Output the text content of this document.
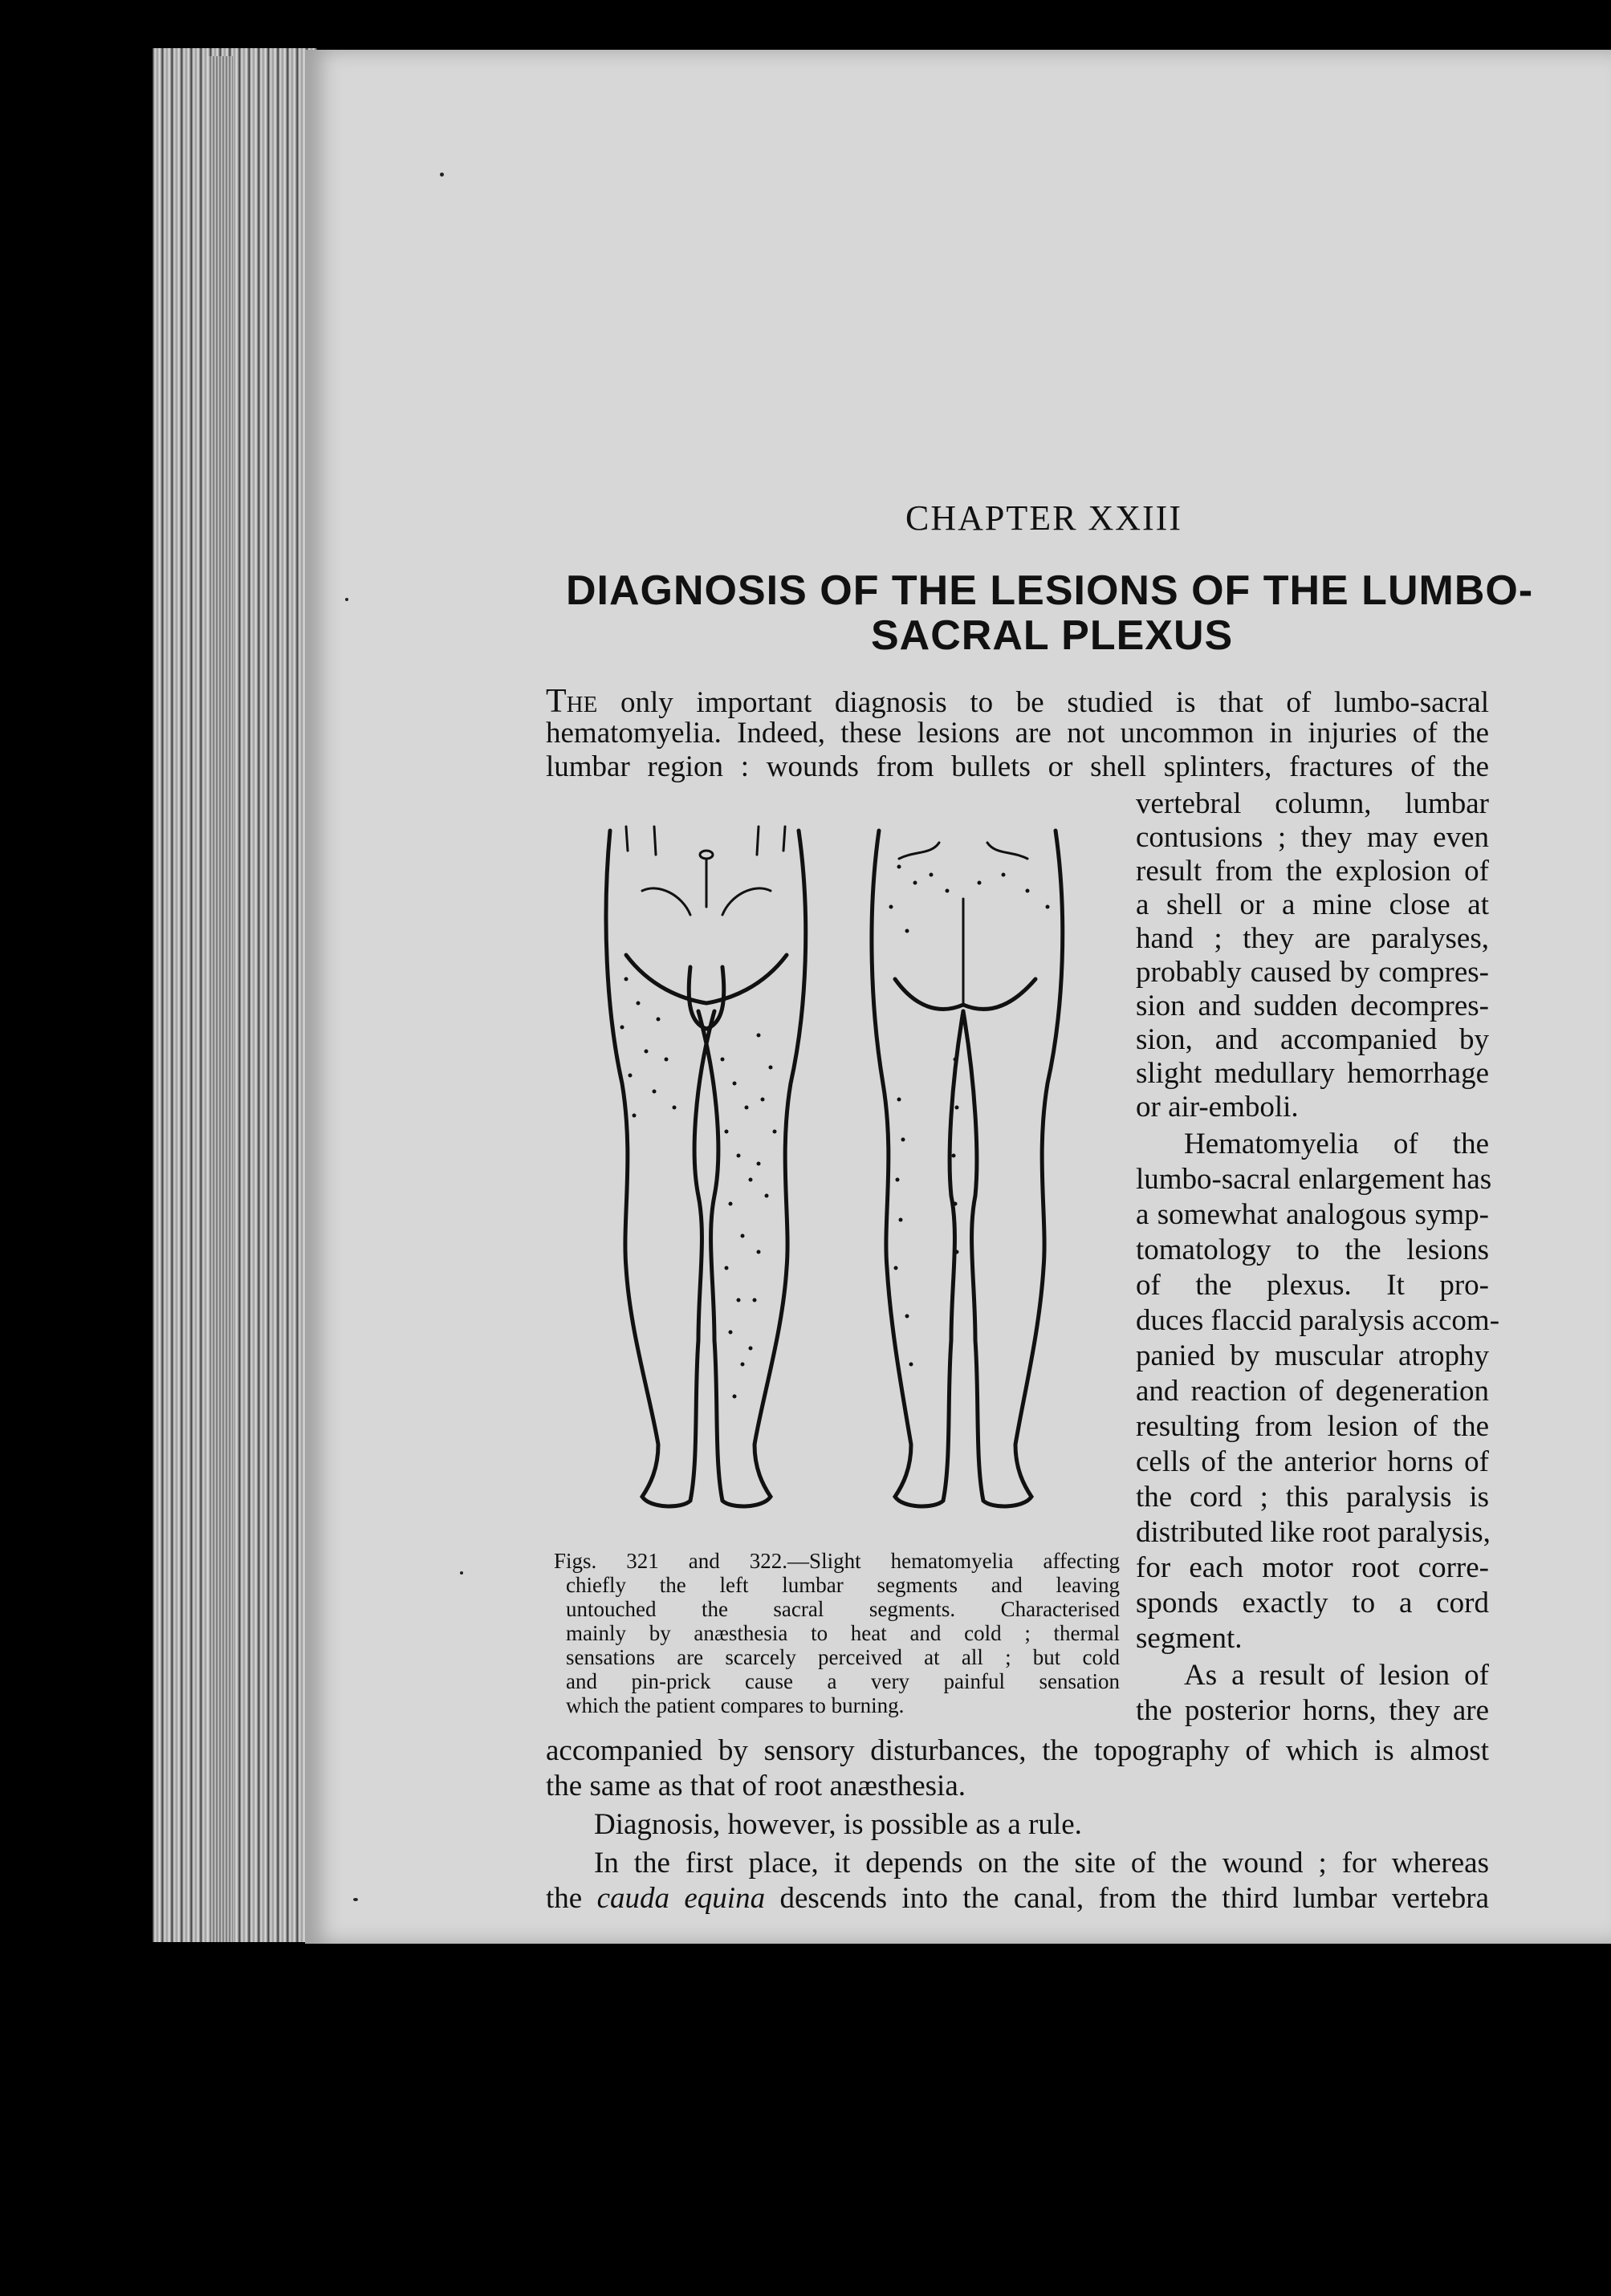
CHAPTER XXIII
DIAGNOSIS OF THE LESIONS OF THE LUMBO-
SACRAL PLEXUS
The only important diagnosis to be studied is that of lumbo-sacral
hematomyelia. Indeed, these lesions are not uncommon in injuries of the
lumbar region : wounds from bullets or shell splinters, fractures of the
vertebral column, lumbar
contusions ; they may even
result from the explosion of
a shell or a mine close at
hand ; they are paralyses,
probably caused by compres-
sion and sudden decompres-
sion, and accompanied by
slight medullary hemorrhage
or air-emboli.
Hematomyelia of the
lumbo-sacral enlargement has
a somewhat analogous symp-
tomatology to the lesions
of the plexus. It pro-
duces flaccid paralysis accom-
panied by muscular atrophy
and reaction of degeneration
resulting from lesion of the
cells of the anterior horns of
the cord ; this paralysis is
distributed like root paralysis,
for each motor root corre-
sponds exactly to a cord
segment.
As a result of lesion of
the posterior horns, they are
Figs. 321 and 322.—Slight hematomyelia affecting
chiefly the left lumbar segments and leaving
untouched the sacral segments. Characterised
mainly by anæsthesia to heat and cold ; thermal
sensations are scarcely perceived at all ; but cold
and pin-prick cause a very painful sensation
which the patient compares to burning.
accompanied by sensory disturbances, the topography of which is almost
the same as that of root anæsthesia.
Diagnosis, however, is possible as a rule.
In the first place, it depends on the site of the wound ; for whereas
the cauda equina descends into the canal, from the third lumbar vertebra
